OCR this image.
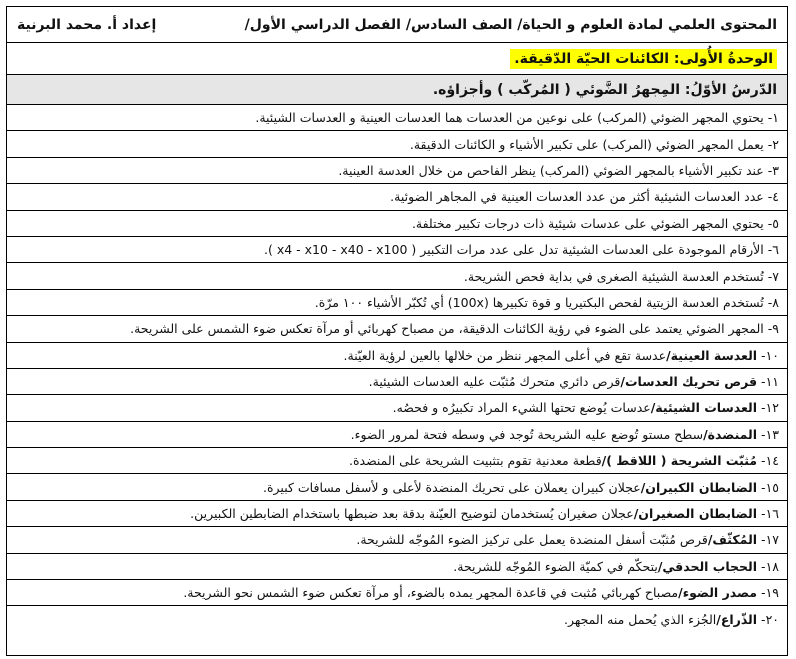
المحتوى العلمي لمادة العلوم و الحياة/ الصف السادس/ الفصل الدراسي الأول/
إعداد أ. محمد البرنية
الوحدةُ الأُولى: الكائنات الحيّة الدّقيقة.
الدّرسُ الأوّلُ: المِجهرُ الضَّوئي ( المُركّب ) وأجزاؤه.
١-
يحتوي المجهر الضوئي (المركب) على نوعين من العدسات هما العدسات العينية و العدسات الشيئية.
٢-
يعمل المجهر الضوئي (المركب) على تكبير الأشياء و الكائنات الدقيقة.
٣-
عند تكبير الأشياء بالمجهر الضوئي (المركب) ينظر الفاحص من خلال العدسة العينية.
٤-
عدد العدسات الشيئية أكثر من عدد العدسات العينية في المجاهر الضوئية.
٥-
يحتوي المجهر الضوئي على عدسات شيئية ذات درجات تكبير مختلفة.
٦-
الأرقام الموجودة على العدسات الشيئية تدل على عدد مرات التكبير ( x4 - x10 - x40 - x100 ).
٧-
تُستخدم العدسة الشيئية الصغرى في بداية فحص الشريحة.
٨-
تُستخدم العدسة الزيتية لفحص البكتيريا و قوة تكبيرها (100x) أي تُكبّر الأشياء ١٠٠ مرّة.
٩-
المجهر الضوئي يعتمد على الضوء في رؤية الكائنات الدقيقة، من مصباح كهربائي أو مرآة تعكس ضوء الشمس على الشريحة.
١٠-
العدسة العينية/
عدسة تقع في أعلى المجهر ننظر من خلالها بالعين لرؤية العيّنة.
١١-
قرص تحريك العدسات/
قرص دائري متحرك مُثبّت عليه العدسات الشيئية.
١٢-
العدسات الشيئية/
عدسات يُوضع تحتها الشيء المراد تكبيرُه و فحصُه.
١٣-
المنضدة/
سطح مستو تُوضع عليه الشريحة تُوجد في وسطه فتحة لمرور الضوء.
١٤-
مُثبّت الشريحة ( اللاقط )/
قطعة معدنية تقوم بتثبيت الشريحة على المنضدة.
١٥-
الضابطان الكبيران/
عجلان كبيران يعملان على تحريك المنضدة لأعلى و لأسفل مسافات كبيرة.
١٦-
الضابطان الصغيران/
عجلان صغيران يُستخدمان لتوضيح العيّنة بدقة بعد ضبطها باستخدام الضابطين الكبيرين.
١٧-
المُكثّف/
قرص مُثبّت أسفل المنضدة يعمل على تركيز الضوء المُوجّه للشريحة.
١٨-
الحجاب الحدقي/
يتحكّم في كميّة الضوء المُوجّه للشريحة.
١٩-
مصدر الضوء/
مصباح كهربائي مُثبت في قاعدة المجهر يمده بالضوء، أو مرآة تعكس ضوء الشمس نحو الشريحة.
٢٠-
الذّراع/
الجُزء الذي يُحمل منه المجهر.
